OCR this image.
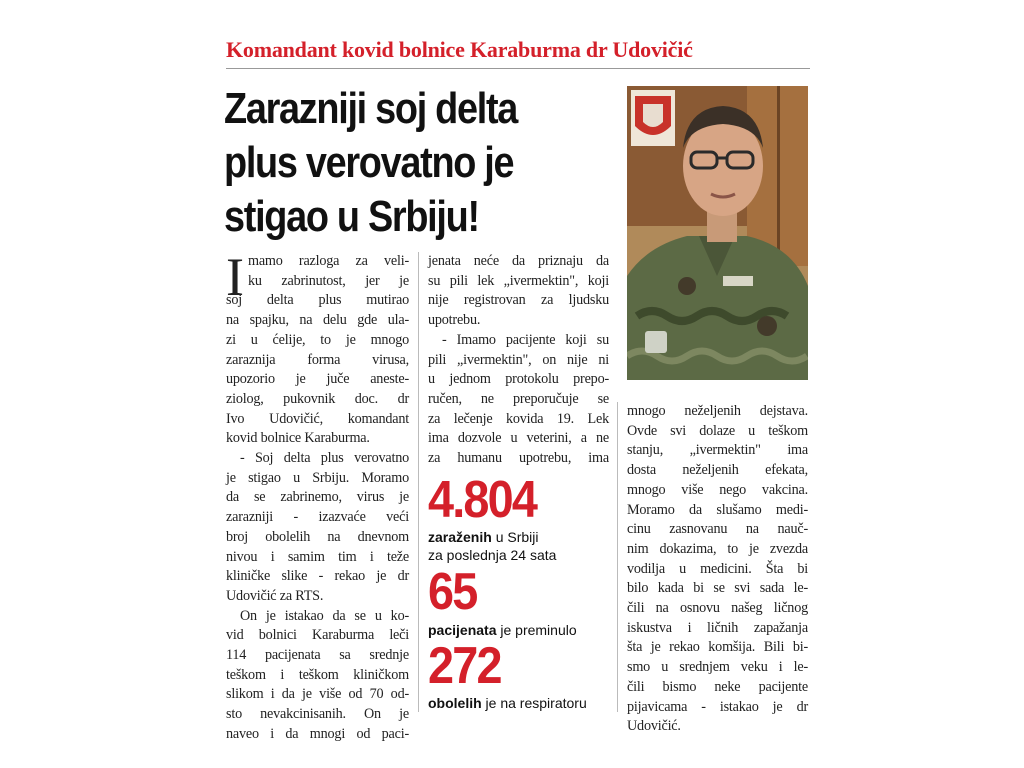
Komandant kovid bolnice Karaburma dr Udovičić
Zarazniji soj delta
plus verovatno je
stigao u Srbiju!
I mamo razloga za veli-
ku zabrinutost, jer je
soj delta plus mutirao
na spajku, na delu gde ula-
zi u ćelije, to je mnogo
zaraznija forma virusa,
upozorio je juče aneste-
ziolog, pukovnik doc. dr
Ivo Udovičić, komandant
kovid bolnice Karaburma.
- Soj delta plus verovatno
je stigao u Srbiju. Moramo
da se zabrinemo, virus je
zarazniji - izazvaće veći
broj obolelih na dnevnom
nivou i samim tim i teže
kliničke slike - rekao je dr
Udovičić za RTS.
On je istakao da se u ko-
vid bolnici Karaburma leči
114 pacijenata sa srednje
teškom i teškom kliničkom
slikom i da je više od 70 od-
sto nevakcinisanih. On je
naveo i da mnogi od paci-
jenata neće da priznaju da
su pili lek „ivermektin", koji
nije registrovan za ljudsku
upotrebu.
- Imamo pacijente koji su
pili „ivermektin", on nije ni
u jednom protokolu prepo-
ručen, ne preporučuje se
za lečenje kovida 19. Lek
ima dozvole u veterini, a ne
za humanu upotrebu, ima
4.804
zaraženih u Srbiji
za poslednja 24 sata
65
pacijenata je preminulo
272
obolelih je na respiratoru
mnogo neželjenih dejstava.
Ovde svi dolaze u teškom
stanju, „ivermektin" ima
dosta neželjenih efekata,
mnogo više nego vakcina.
Moramo da slušamo medi-
cinu zasnovanu na nauč-
nim dokazima, to je zvezda
vodilja u medicini. Šta bi
bilo kada bi se svi sada le-
čili na osnovu našeg ličnog
iskustva i ličnih zapažanja
šta je rekao komšija. Bili bi-
smo u srednjem veku i le-
čili bismo neke pacijente
pijavicama - istakao je dr
Udovičić.
